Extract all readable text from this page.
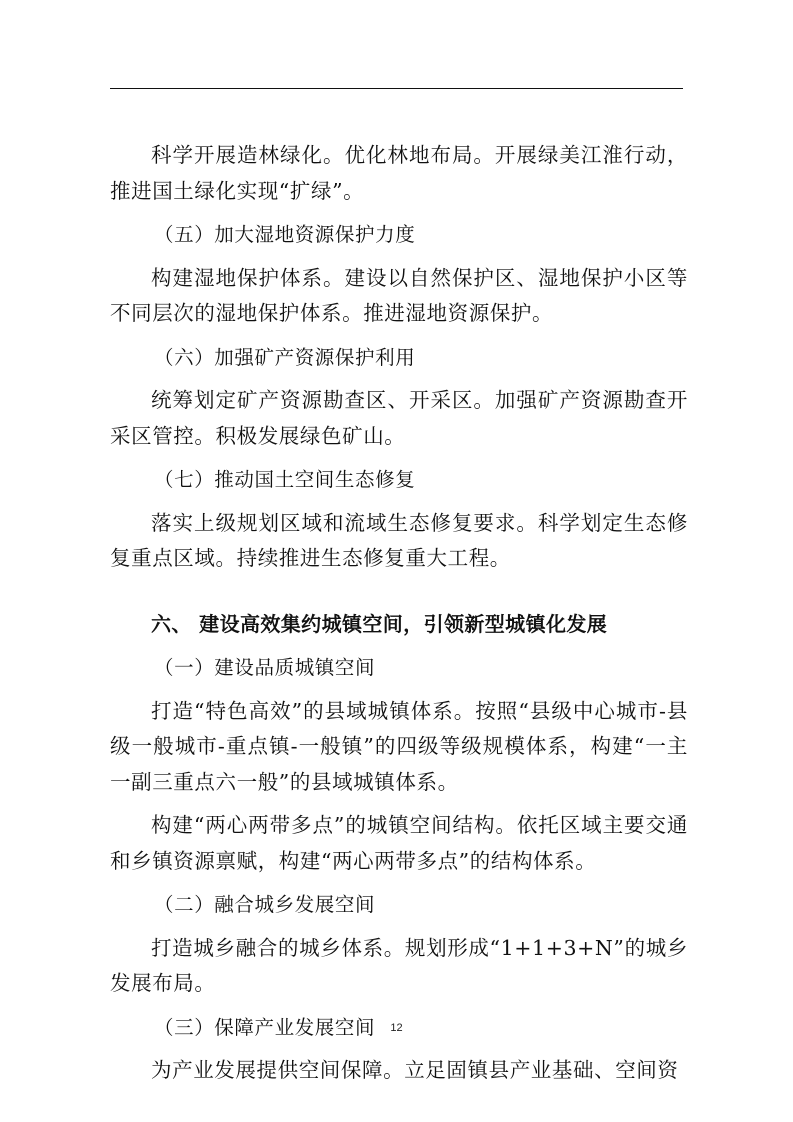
科学开展造林绿化。优化林地布局。开展绿美江淮行动，推进国土绿化实现“扩绿”。

（五）加大湿地资源保护力度

构建湿地保护体系。建设以自然保护区、湿地保护小区等不同层次的湿地保护体系。推进湿地资源保护。

（六）加强矿产资源保护利用

统筹划定矿产资源勘查区、开采区。加强矿产资源勘查开采区管控。积极发展绿色矿山。

（七）推动国土空间生态修复

落实上级规划区域和流域生态修复要求。科学划定生态修复重点区域。持续推进生态修复重大工程。

六、 建设高效集约城镇空间，引领新型城镇化发展

（一）建设品质城镇空间

打造“特色高效”的县域城镇体系。按照“县级中心城市-县级一般城市-重点镇-一般镇”的四级等级规模体系，构建“一主一副三重点六一般”的县域城镇体系。

构建“两心两带多点”的城镇空间结构。依托区域主要交通和乡镇资源禀赋，构建“两心两带多点”的结构体系。

（二）融合城乡发展空间

打造城乡融合的城乡体系。规划形成“1+1+3+N”的城乡发展布局。

（三）保障产业发展空间

为产业发展提供空间保障。立足固镇县产业基础、空间资

12
